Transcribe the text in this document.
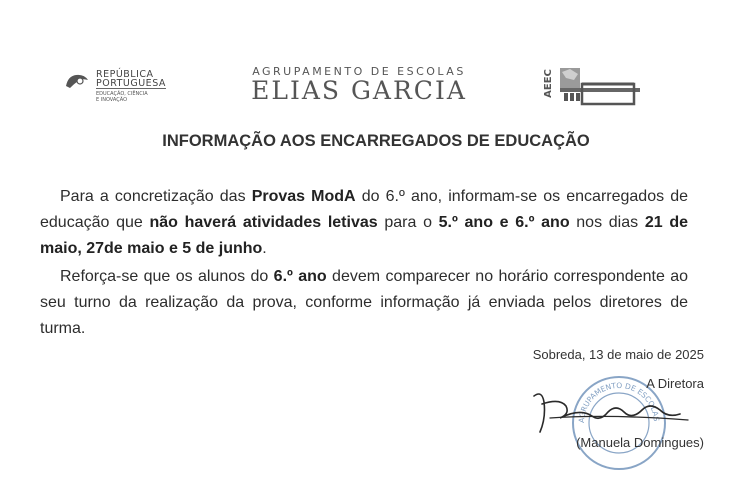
REPÚBLICA
PORTUGUESA
EDUCAÇÃO, CIÊNCIA
E INOVAÇÃO
AGRUPAMENTO DE ESCOLAS
ELIAS GARCIA	AEEC
INFORMAÇÃO AOS ENCARREGADOS DE EDUCAÇÃO
Para a concretização das Provas ModA do 6.º ano, informam-se os encarregados de educação que não haverá atividades letivas para o 5.º ano e 6.º ano nos dias 21 de maio, 27de maio e 5 de junho.
Reforça-se que os alunos do 6.º ano devem comparecer no horário correspondente ao seu turno da realização da prova, conforme informação já enviada pelos diretores de turma.
Sobreda, 13 de maio de 2025
AGRUPAMENTO DE ESCOLAS
A Diretora
(Manuela Domingues)
